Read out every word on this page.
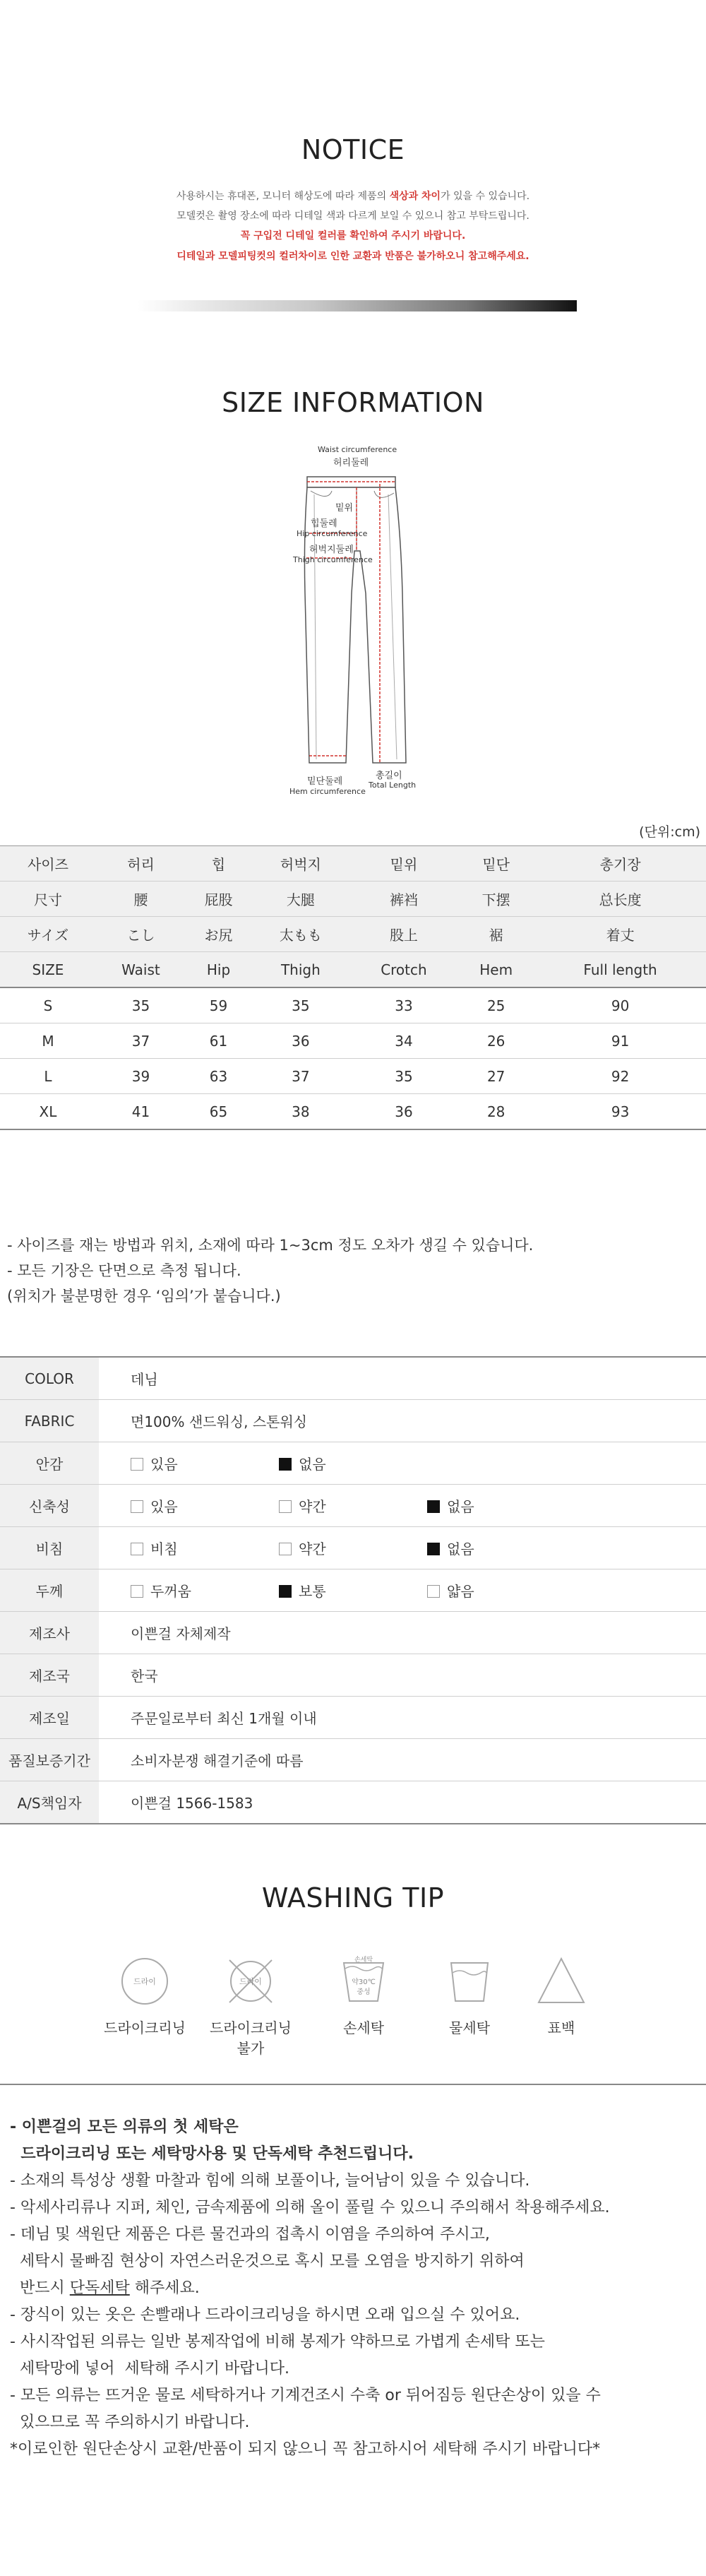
NOTICE
사용하시는 휴대폰, 모니터 해상도에 따라 제품의 색상과 차이가 있을 수 있습니다.
모델컷은 촬영 장소에 따라 디테일 색과 다르게 보일 수 있으니 참고 부탁드립니다.
꼭 구입전 디테일 컬러를 확인하여 주시기 바랍니다.
디테일과 모델피팅컷의 컬러차이로 인한 교환과 반품은 불가하오니 참고해주세요.
SIZE INFORMATION
Waist circumference
허리둘레
밑위
힙둘레
Hip circumference
허벅지둘레
Thigh circumference
밑단둘레
Hem circumference
총길이
Total Length
(단위:cm)
사이즈	허리	힙	허벅지	밑위	밑단	총기장
尺寸	腰	屁股	大腿	裤裆	下摆	总长度
サイズ	こし	お尻	太もも	股上	裾	着丈
SIZE	Waist	Hip	Thigh	Crotch	Hem	Full length
S	35	59	35	33	25	90
M	37	61	36	34	26	91
L	39	63	37	35	27	92
XL	41	65	38	36	28	93
- 사이즈를 재는 방법과 위치, 소재에 따라 1~3cm 정도 오차가 생길 수 있습니다.
- 모든 기장은 단면으로 측정 됩니다.
(위치가 불분명한 경우 ‘임의’가 붙습니다.)
COLOR	데님
FABRIC	면100% 샌드워싱, 스톤워싱
안감	있음 없음
신축성	있음 약간 없음
비침	비침 약간 없음
두께	두꺼움 보통 얇음
제조사	이쁜걸 자체제작
제조국	한국
제조일	주문일로부터 최신 1개월 이내
품질보증기간	소비자분쟁 해결기준에 따름
A/S책임자	이쁜걸 1566-1583
WASHING TIP
드라이
드라이크리닝
드라이
드라이크리닝
불가
손세탁
약30℃
중성
손세탁	물세탁	표백
- 이쁜걸의 모든 의류의 첫 세탁은
드라이크리닝 또는 세탁망사용 및 단독세탁 추천드립니다.
- 소재의 특성상 생활 마찰과 힘에 의해 보풀이나, 늘어남이 있을 수 있습니다.
- 악세사리류나 지퍼, 체인, 금속제품에 의해 올이 풀릴 수 있으니 주의해서 착용해주세요.
- 데님 및 색원단 제품은 다른 물건과의 접촉시 이염을 주의하여 주시고,
세탁시 물빠짐 현상이 자연스러운것으로 혹시 모를 오염을 방지하기 위하여
반드시 단독세탁 해주세요.
- 장식이 있는 옷은 손빨래나 드라이크리닝을 하시면 오래 입으실 수 있어요.
- 사시작업된 의류는 일반 봉제작업에 비해 봉제가 약하므로 가볍게 손세탁 또는
세탁망에 넣어  세탁해 주시기 바랍니다.
- 모든 의류는 뜨거운 물로 세탁하거나 기계건조시 수축 or 뒤어짐등 원단손상이 있을 수
있으므로 꼭 주의하시기 바랍니다.
*이로인한 원단손상시 교환/반품이 되지 않으니 꼭 참고하시어 세탁해 주시기 바랍니다*
